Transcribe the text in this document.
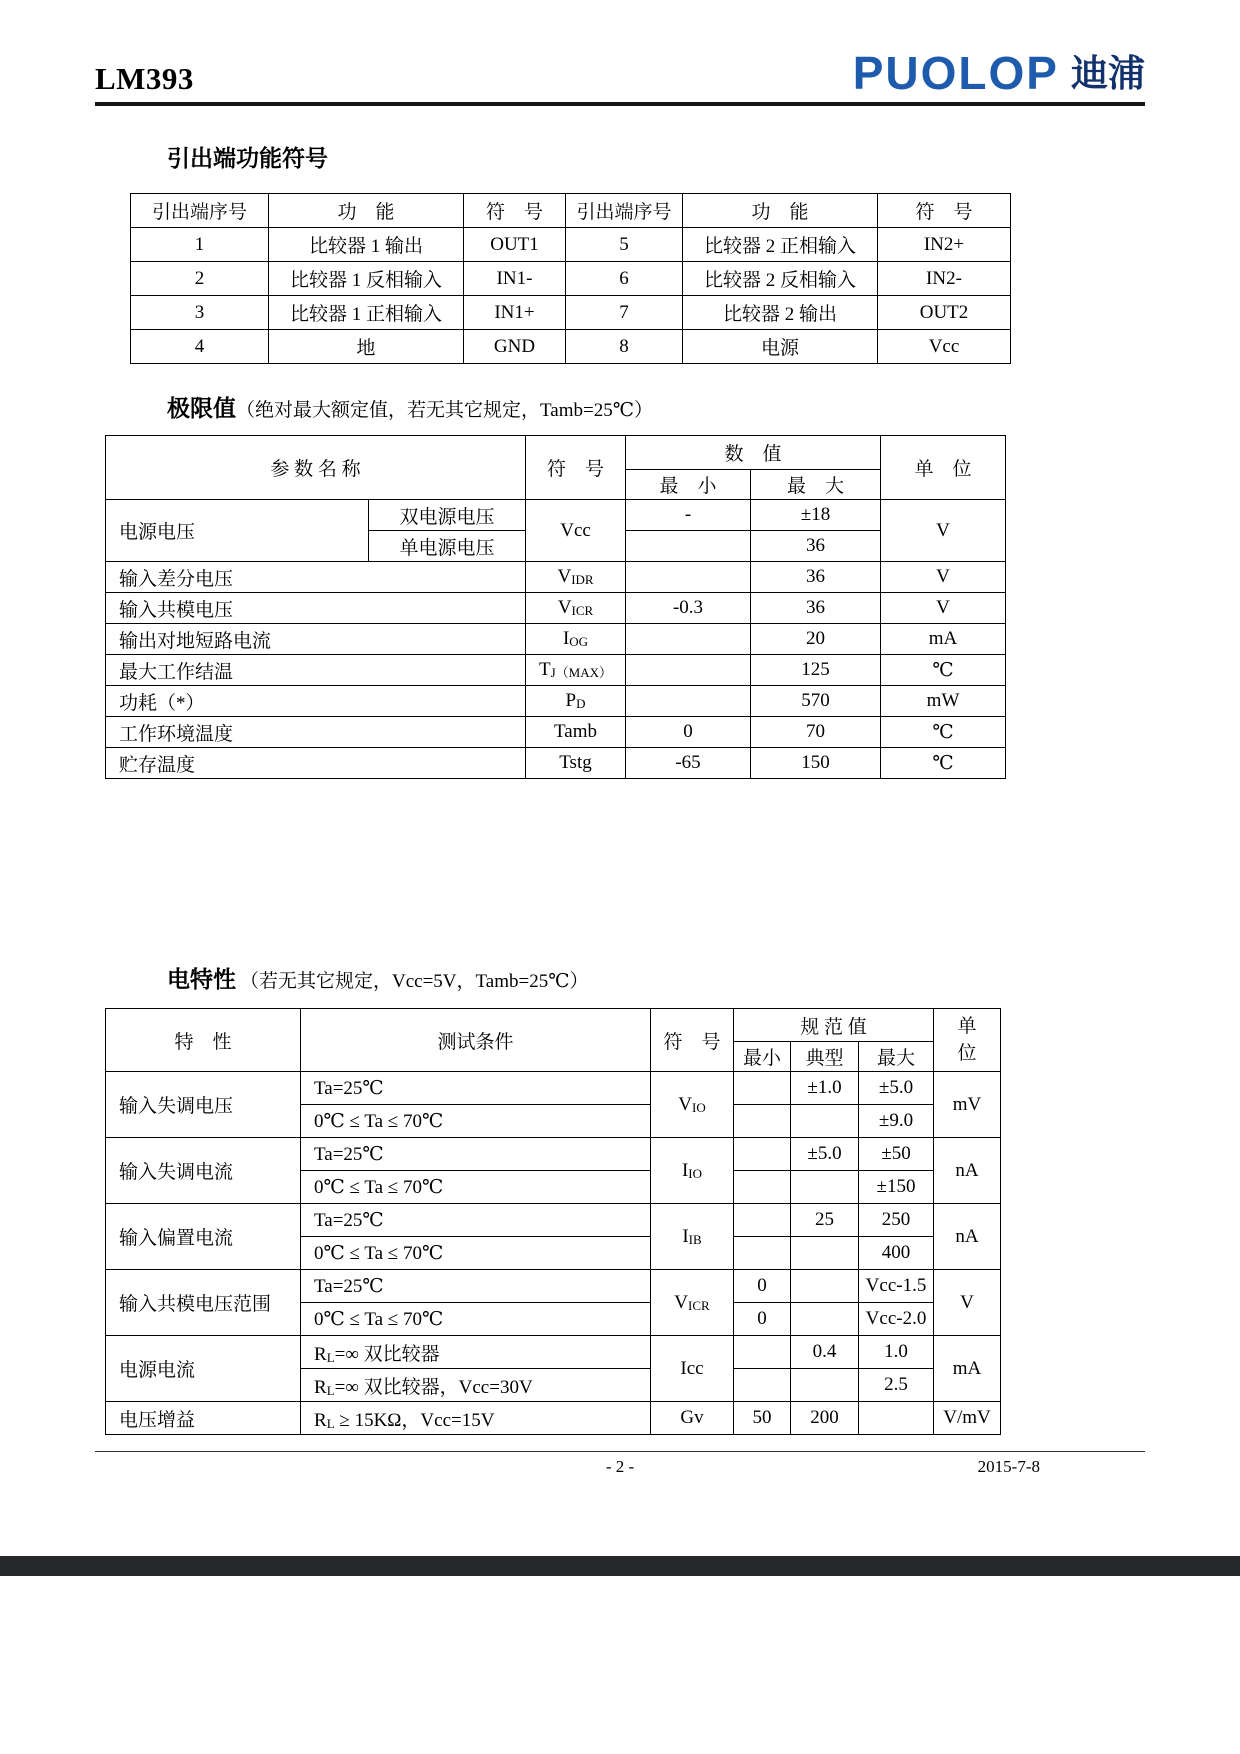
LM393	PUOLOP 迪浦
引出端功能符号
引出端序号	功　能	符　号	引出端序号	功　能	符　号
1	比较器 1 输出	OUT1	5	比较器 2 正相输入	IN2+
2	比较器 1 反相输入	IN1-	6	比较器 2 反相输入	IN2-
3	比较器 1 正相输入	IN1+	7	比较器 2 输出	OUT2
4	地	GND	8	电源	Vcc
极限值（绝对最大额定值，若无其它规定，Tamb=25℃）
参 数 名 称		符　号	数　值		单　位
			最　小	最　大	
电源电压	双电源电压	Vcc	-	±18	V
	单电源电压			36	
输入差分电压		VIDR		36	V
输入共模电压		VICR	-0.3	36	V
输出对地短路电流		IOG		20	mA
最大工作结温		TJ（MAX）		125	℃
功耗（*）		PD		570	mW
工作环境温度		Tamb	0	70	℃
贮存温度		Tstg	-65	150	℃
电特性 （若无其它规定，Vcc=5V，Tamb=25℃）
特　性	测试条件	符　号	规 范 值			单
位

			最小	典型	最大	
输入失调电压	Ta=25℃	VIO		±1.0	±5.0	mV
	0℃ ≤ Ta ≤ 70℃				±9.0	
输入失调电流	Ta=25℃	IIO		±5.0	±50	nA
	0℃ ≤ Ta ≤ 70℃				±150	
输入偏置电流	Ta=25℃	IIB		25	250	nA
	0℃ ≤ Ta ≤ 70℃				400	
输入共模电压范围	Ta=25℃	VICR	0		Vcc-1.5	V
	0℃ ≤ Ta ≤ 70℃		0		Vcc-2.0	
电源电流	RL=∞ 双比较器	Icc		0.4	1.0	mA
	RL=∞ 双比较器，Vcc=30V				2.5	
电压增益	RL ≥ 15KΩ，Vcc=15V	Gv	50	200		V/mV
- 2 -	2015-7-8
